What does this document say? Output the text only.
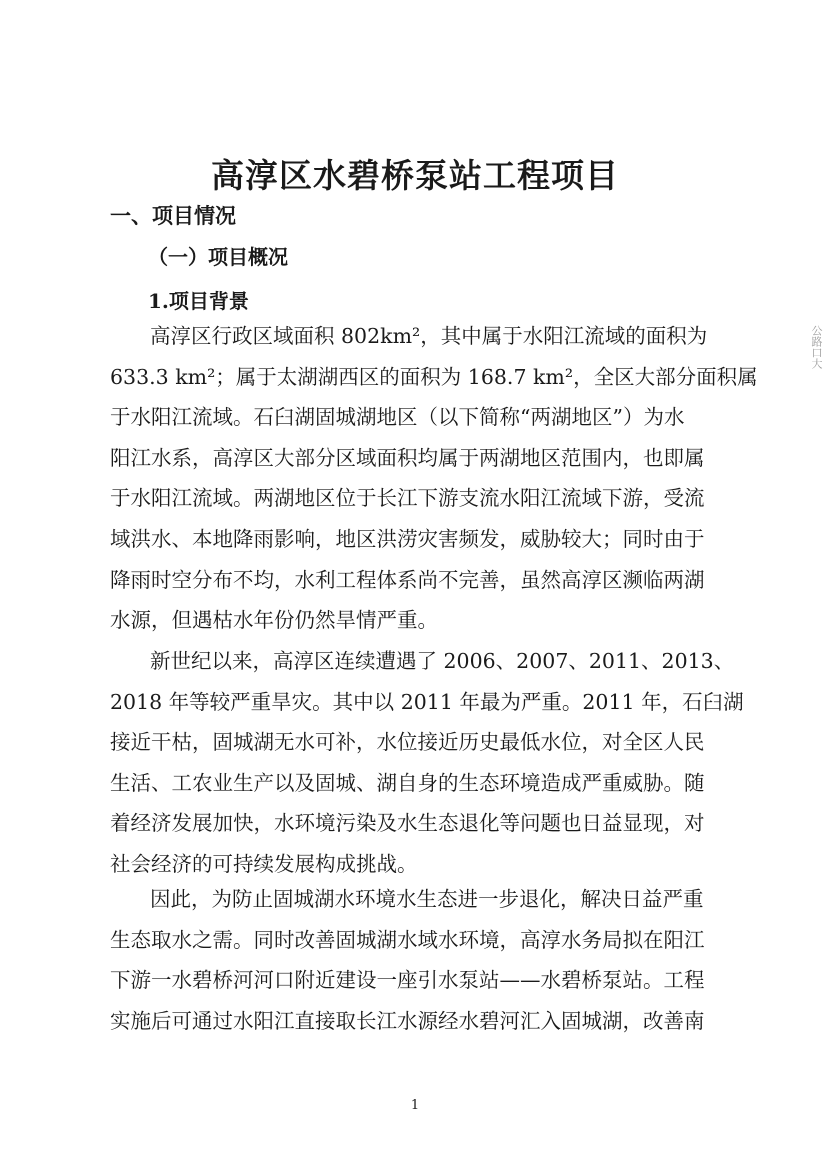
高淳区水碧桥泵站工程项目
一、项目情况
（一）项目概况
1.项目背景
高淳区行政区域面积 802km²，其中属于水阳江流域的面积为
633.3 km²；属于太湖湖西区的面积为 168.7 km²，全区大部分面积属
于水阳江流域。石臼湖固城湖地区（以下简称“两湖地区”）为水
阳江水系，高淳区大部分区域面积均属于两湖地区范围内，也即属
于水阳江流域。两湖地区位于长江下游支流水阳江流域下游，受流
域洪水、本地降雨影响，地区洪涝灾害频发，威胁较大；同时由于
降雨时空分布不均，水利工程体系尚不完善，虽然高淳区濒临两湖
水源，但遇枯水年份仍然旱情严重。
新世纪以来，高淳区连续遭遇了 2006、2007、2011、2013、
2018 年等较严重旱灾。其中以 2011 年最为严重。2011 年，石臼湖
接近干枯，固城湖无水可补，水位接近历史最低水位，对全区人民
生活、工农业生产以及固城、湖自身的生态环境造成严重威胁。随
着经济发展加快，水环境污染及水生态退化等问题也日益显现，对
社会经济的可持续发展构成挑战。
因此，为防止固城湖水环境水生态进一步退化，解决日益严重
生态取水之需。同时改善固城湖水域水环境，高淳水务局拟在阳江
下游一水碧桥河河口附近建设一座引水泵站——水碧桥泵站。工程
实施后可通过水阳江直接取长江水源经水碧河汇入固城湖，改善南
1
公路口大
